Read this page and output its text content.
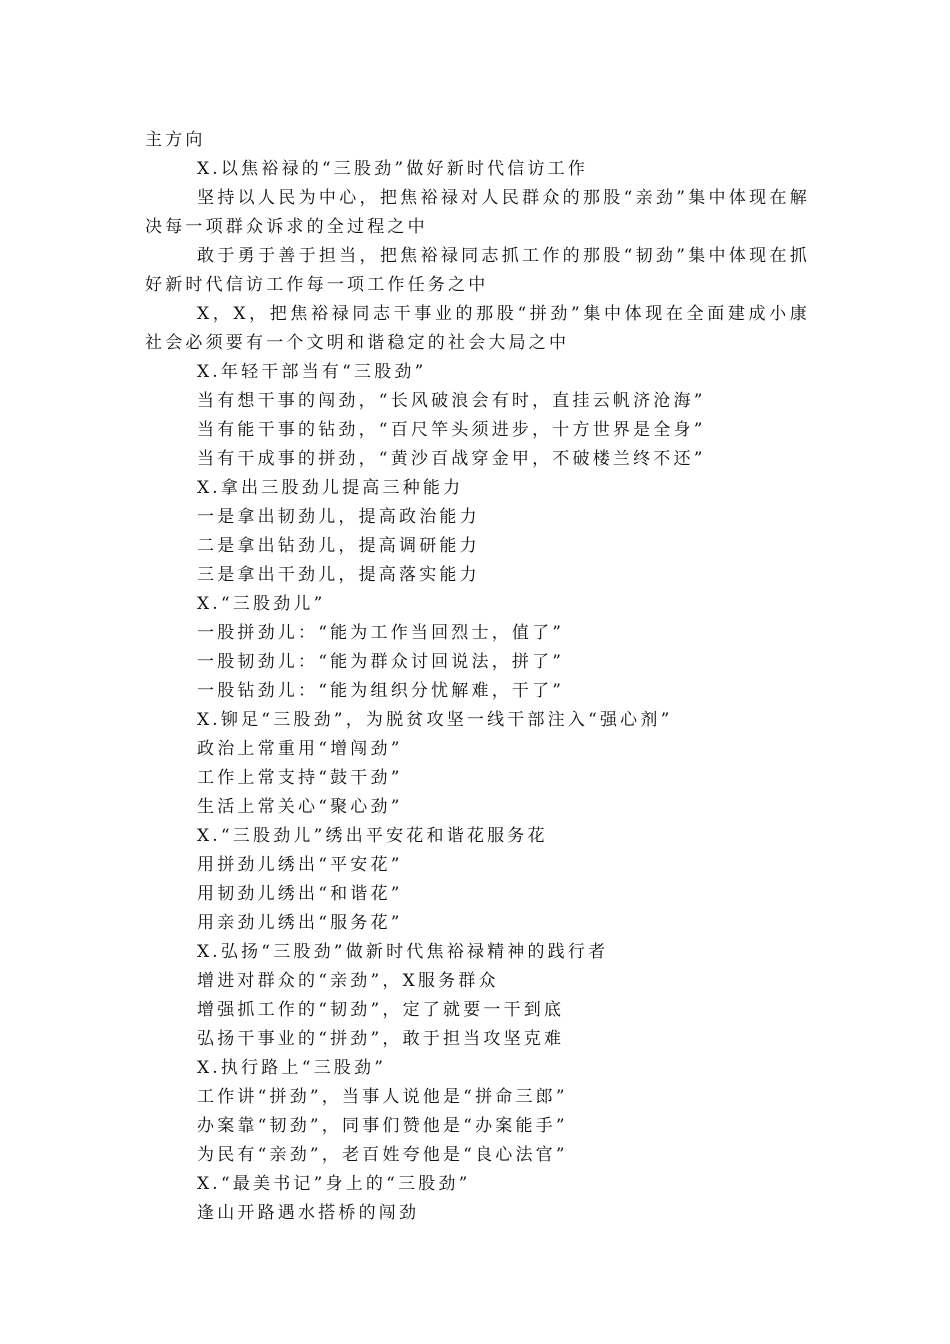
主方向
X.以焦裕禄的“三股劲”做好新时代信访工作
坚持以人民为中心，把焦裕禄对人民群众的那股“亲劲”集中体现在解决每一项群众诉求的全过程之中
敢于勇于善于担当，把焦裕禄同志抓工作的那股“韧劲”集中体现在抓好新时代信访工作每一项工作任务之中
X，X，把焦裕禄同志干事业的那股“拼劲”集中体现在全面建成小康社会必须要有一个文明和谐稳定的社会大局之中
X.年轻干部当有“三股劲”
当有想干事的闯劲，“长风破浪会有时，直挂云帆济沧海”
当有能干事的钻劲，“百尺竿头须进步，十方世界是全身”
当有干成事的拼劲，“黄沙百战穿金甲，不破楼兰终不还”
X.拿出三股劲儿提高三种能力
一是拿出韧劲儿，提高政治能力
二是拿出钻劲儿，提高调研能力
三是拿出干劲儿，提高落实能力
X.“三股劲儿”
一股拼劲儿：“能为工作当回烈士，值了”
一股韧劲儿：“能为群众讨回说法，拼了”
一股钻劲儿：“能为组织分忧解难，干了”
X.铆足“三股劲”，为脱贫攻坚一线干部注入“强心剂”
政治上常重用“增闯劲”
工作上常支持“鼓干劲”
生活上常关心“聚心劲”
X.“三股劲儿”绣出平安花和谐花服务花
用拼劲儿绣出“平安花”
用韧劲儿绣出“和谐花”
用亲劲儿绣出“服务花”
X.弘扬“三股劲”做新时代焦裕禄精神的践行者
增进对群众的“亲劲”，X服务群众
增强抓工作的“韧劲”，定了就要一干到底
弘扬干事业的“拼劲”，敢于担当攻坚克难
X.执行路上“三股劲”
工作讲“拼劲”，当事人说他是“拼命三郎”
办案靠“韧劲”，同事们赞他是“办案能手”
为民有“亲劲”，老百姓夸他是“良心法官”
X.“最美书记”身上的“三股劲”
逢山开路遇水搭桥的闯劲
